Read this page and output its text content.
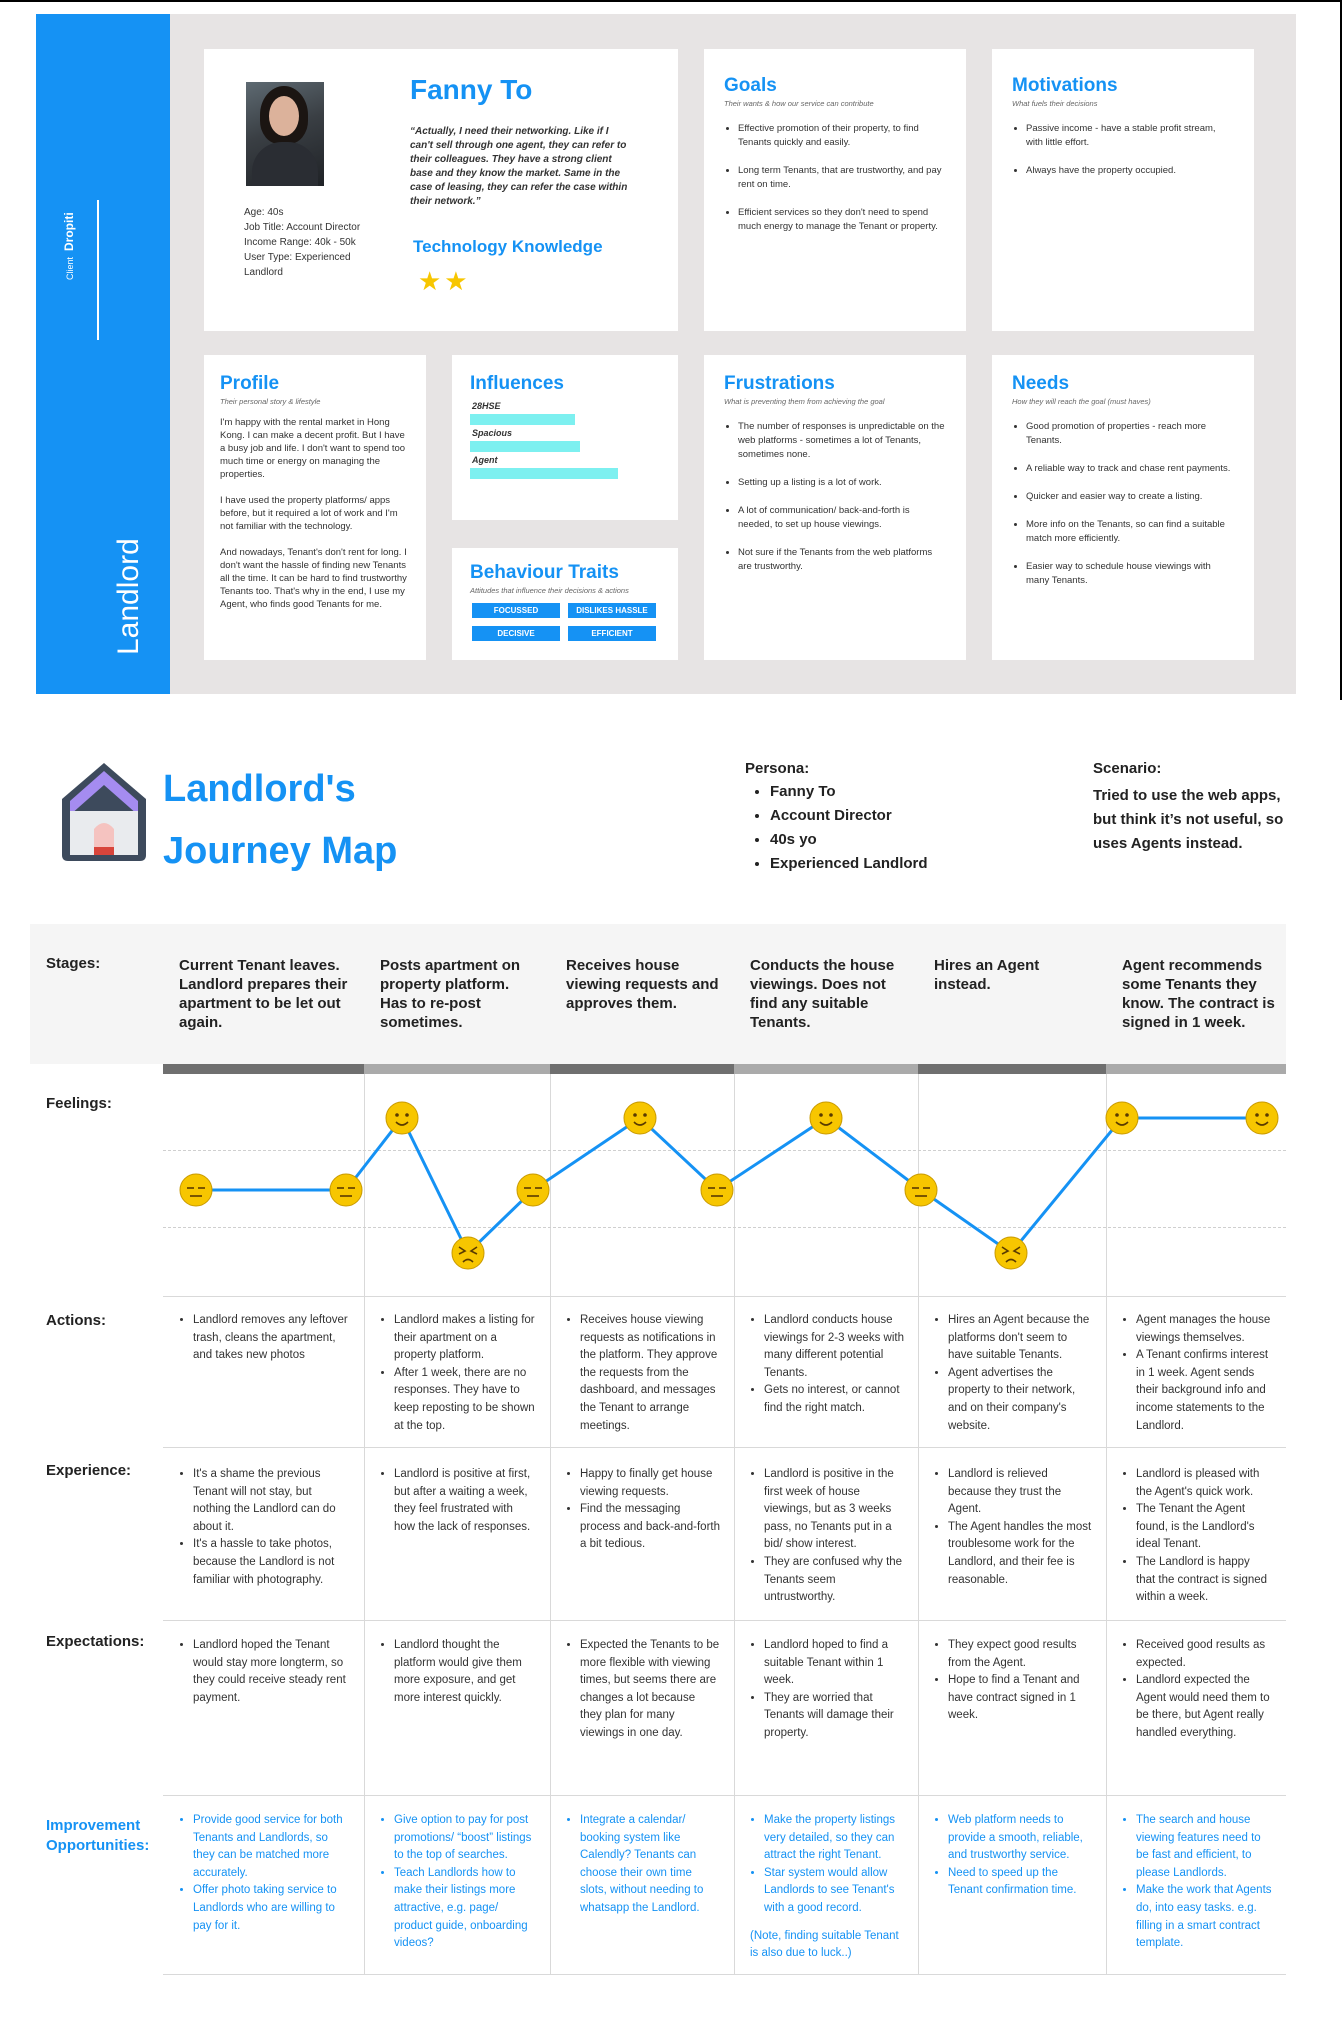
ClientDropiti
Landlord
Age: 40s
Job Title: Account Director
Income Range: 40k - 50k
User Type: Experienced
Landlord
Fanny To
“Actually, I need their networking. Like if I can't sell through one agent, they can refer to their colleagues. They have a strong client base and they know the market. Same in the case of leasing, they can refer the case within their network.”
Technology Knowledge
★★
Goals
Their wants & how our service can contribute
• Effective promotion of their property, to find Tenants quickly and easily.
• Long term Tenants, that are trustworthy, and pay rent on time.
• Efficient services so they don't need to spend much energy to manage the Tenant or property.
Motivations
What fuels their decisions
• Passive income - have a stable profit stream, with little effort.
• Always have the property occupied.
Profile
Their personal story & lifestyle

I'm happy with the rental market in Hong Kong. I can make a decent profit. But I have a busy job and life. I don't want to spend too much time or energy on managing the properties.

I have used the property platforms/ apps before, but it required a lot of work and I'm not familiar with the technology.

And nowadays, Tenant's don't rent for long. I don't want the hassle of finding new Tenants all the time. It can be hard to find trustworthy Tenants too. That's why in the end, I use my Agent, who finds good Tenants for me.

Influences
28HSE
Spacious
Agent
Behaviour Traits
Attitudes that influence their decisions & actions
FOCUSSED	DISLIKES HASSLE
DECISIVE	EFFICIENT
Frustrations
What is preventing them from achieving the goal
• The number of responses is unpredictable on the web platforms - sometimes a lot of Tenants, sometimes none.
• Setting up a listing is a lot of work.
• A lot of communication/ back-and-forth is needed, to set up house viewings.
• Not sure if the Tenants from the web platforms are trustworthy.
Needs
How they will reach the goal (must haves)
• Good promotion of properties - reach more Tenants.
• A reliable way to track and chase rent payments.
• Quicker and easier way to create a listing.
• More info on the Tenants, so can find a suitable match more efficiently.
• Easier way to schedule house viewings with many Tenants.
Landlord's
Journey Map
Persona:
• Fanny To
• Account Director
• 40s yo
• Experienced Landlord
Scenario:
Tried to use the web apps, but think it’s not useful, so uses Agents instead.
Stages:
Feelings:
Actions:
Experience:
Expectations:
Improvement Opportunities:
Current Tenant leaves. Landlord prepares their apartment to be let out again.
Posts apartment on property platform. Has to re-post sometimes.
Receives house viewing requests and approves them.
Conducts the house viewings. Does not find any suitable Tenants.
Hires an Agent instead.
Agent recommends some Tenants they know. The contract is signed in 1 week.
• Landlord removes any leftover trash, cleans the apartment, and takes new photos
• Landlord makes a listing for their apartment on a property platform.
• After 1 week, there are no responses. They have to keep reposting to be shown at the top.
• Receives house viewing requests as notifications in the platform. They approve the requests from the dashboard, and messages the Tenant to arrange meetings.
• Landlord conducts house viewings for 2-3 weeks with many different potential Tenants.
• Gets no interest, or cannot find the right match.
• Hires an Agent because the platforms don't seem to have suitable Tenants.
• Agent advertises the property to their network, and on their company's website.
• Agent manages the house viewings themselves.
• A Tenant confirms interest in 1 week. Agent sends their background info and income statements to the Landlord.
• It's a shame the previous Tenant will not stay, but nothing the Landlord can do about it.
• It's a hassle to take photos, because the Landlord is not familiar with photography.
• Landlord is positive at first, but after a waiting a week, they feel frustrated with how the lack of responses.
• Happy to finally get house viewing requests.
• Find the messaging process and back-and-forth a bit tedious.
• Landlord is positive in the first week of house viewings, but as 3 weeks pass, no Tenants put in a bid/ show interest.
• They are confused why the Tenants seem untrustworthy.
• Landlord is relieved because they trust the Agent.
• The Agent handles the most troublesome work for the Landlord, and their fee is reasonable.
• Landlord is pleased with the Agent's quick work.
• The Tenant the Agent found, is the Landlord's ideal Tenant.
• The Landlord is happy that the contract is signed within a week.
• Landlord hoped the Tenant would stay more longterm, so they could receive steady rent payment.
• Landlord thought the platform would give them more exposure, and get more interest quickly.
• Expected the Tenants to be more flexible with viewing times, but seems there are changes a lot because they plan for many viewings in one day.
• Landlord hoped to find a suitable Tenant within 1 week.
• They are worried that Tenants will damage their property.
• They expect good results from the Agent.
• Hope to find a Tenant and have contract signed in 1 week.
• Received good results as expected.
• Landlord expected the Agent would need them to be there, but Agent really handled everything.
• Provide good service for both Tenants and Landlords, so they can be matched more accurately.
• Offer photo taking service to Landlords who are willing to pay for it.
• Give option to pay for post promotions/ “boost” listings to the top of searches.
• Teach Landlords how to make their listings more attractive, e.g. page/ product guide, onboarding videos?
• Integrate a calendar/ booking system like Calendly? Tenants can choose their own time slots, without needing to whatsapp the Landlord.
• Make the property listings very detailed, so they can attract the right Tenant.
• Star system would allow Landlords to see Tenant's with a good record.
(Note, finding suitable Tenant is also due to luck..)
• Web platform needs to provide a smooth, reliable, and trustworthy service.
• Need to speed up the Tenant confirmation time.
• The search and house viewing features need to be fast and efficient, to please Landlords.
• Make the work that Agents do, into easy tasks. e.g. filling in a smart contract template.
